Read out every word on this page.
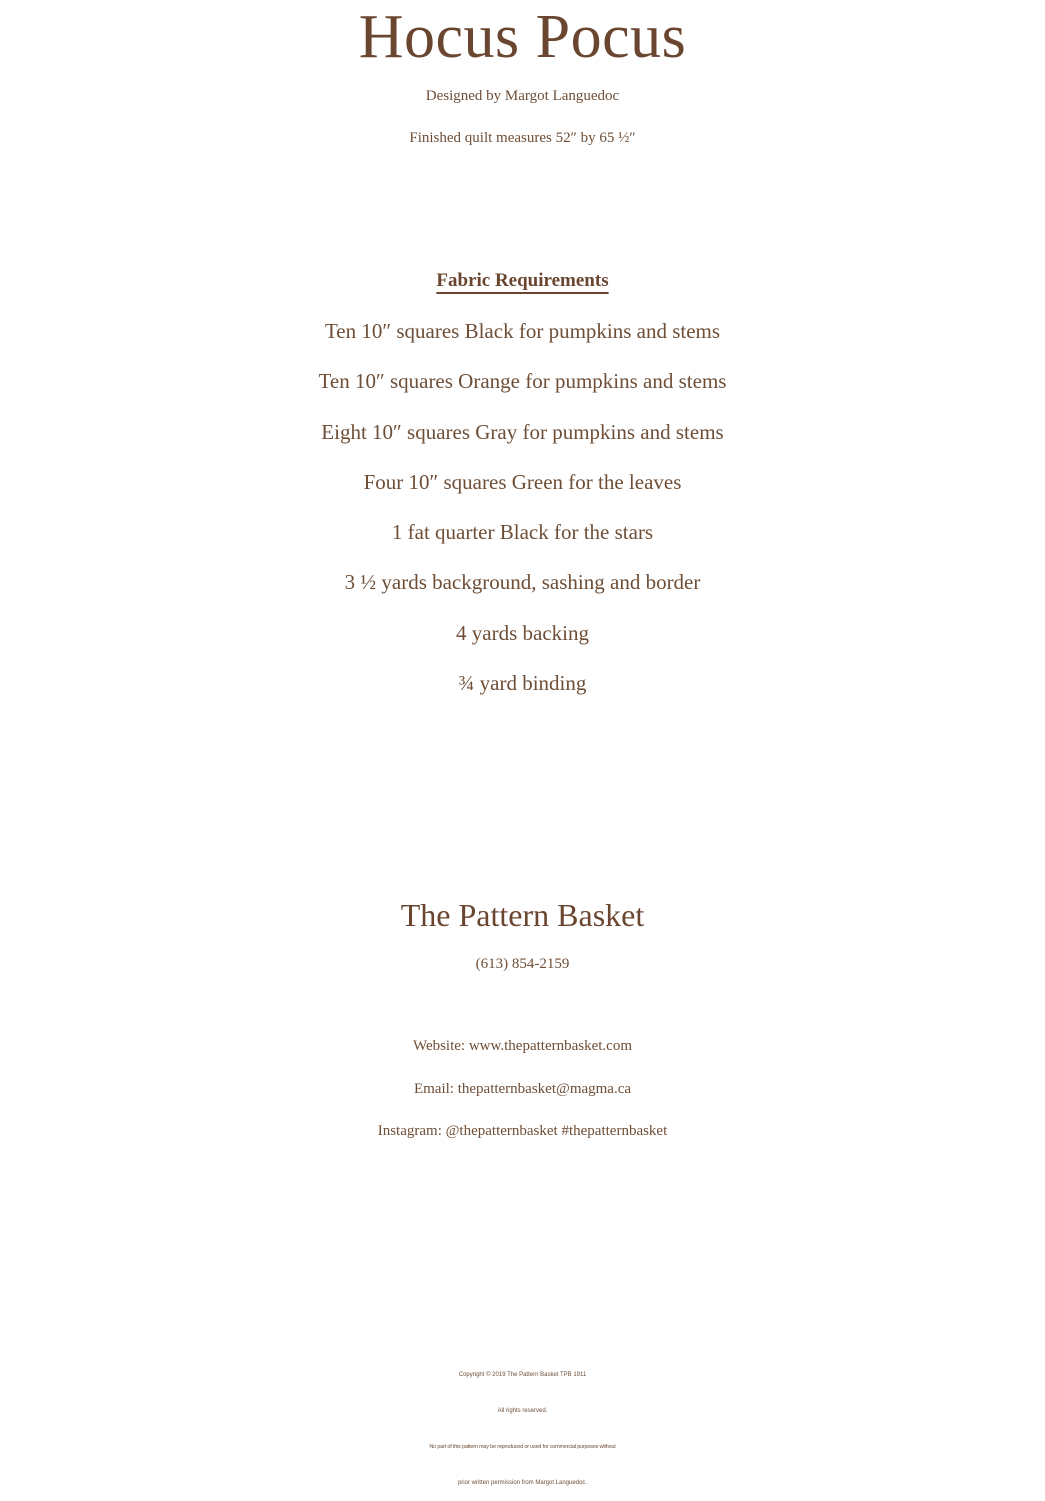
Hocus Pocus
Designed by Margot Languedoc
Finished quilt measures 52″ by 65 ½″
Fabric Requirements
Ten 10″ squares Black for pumpkins and stems
Ten 10″ squares Orange for pumpkins and stems
Eight 10″ squares Gray for pumpkins and stems
Four 10″ squares Green for the leaves
1 fat quarter Black for the stars
3 ½ yards background, sashing and border
4 yards backing
¾ yard binding
The Pattern Basket
(613) 854-2159
Website: www.thepatternbasket.com
Email: thepatternbasket@magma.ca
Instagram: @thepatternbasket #thepatternbasket
Copyright © 2019 The Pattern Basket TPB 1911
All rights reserved.
No part of this pattern may be reproduced or used for commercial purposes without
prior written permission from Margot Languedoc.
